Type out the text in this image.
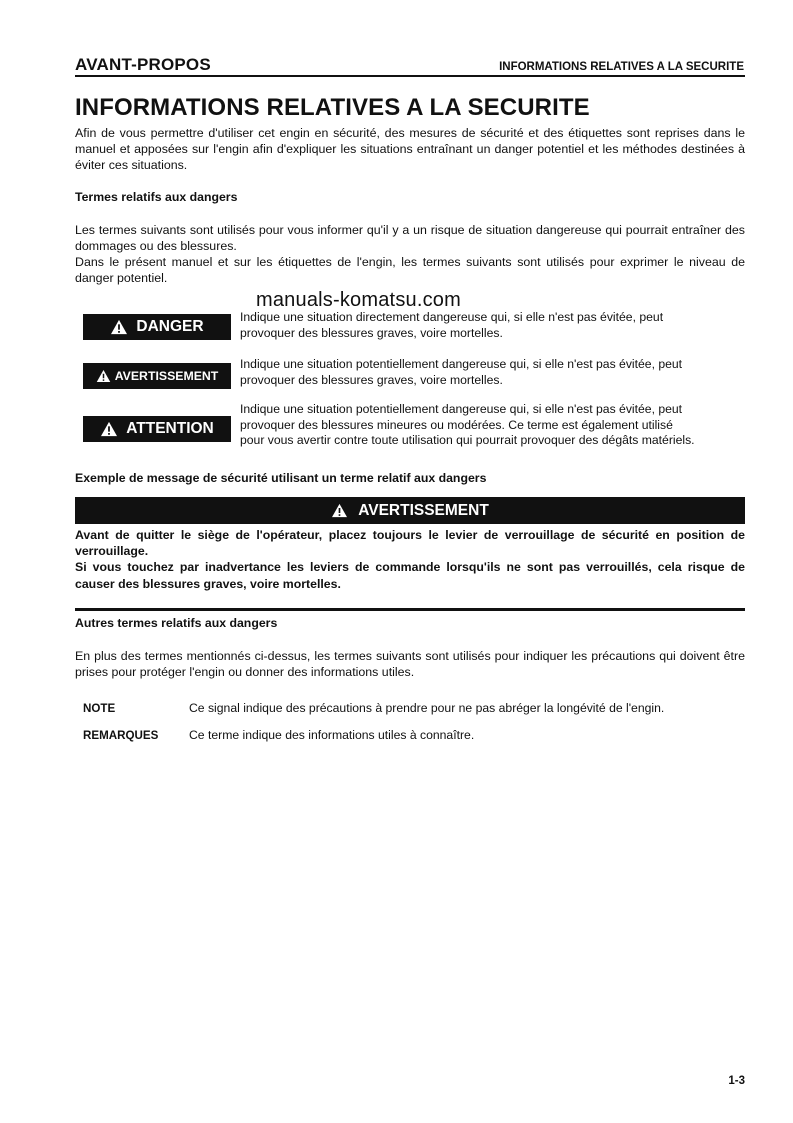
AVANT-PROPOS	INFORMATIONS RELATIVES A LA SECURITE
INFORMATIONS RELATIVES A LA SECURITE
Afin de vous permettre d'utiliser cet engin en sécurité, des mesures de sécurité et des étiquettes sont reprises dans le manuel et apposées sur l'engin afin d'expliquer les situations entraînant un danger potentiel et les méthodes destinées à éviter ces situations.
Termes relatifs aux dangers
Les termes suivants sont utilisés pour vous informer qu'il y a un risque de situation dangereuse qui pourrait entraîner des dommages ou des blessures.
Dans le présent manuel et sur les étiquettes de l'engin, les termes suivants sont utilisés pour exprimer le niveau de danger potentiel.
manuals-komatsu.com
DANGER
Indique une situation directement dangereuse qui, si elle n'est pas évitée, peut
provoquer des blessures graves, voire mortelles.
AVERTISSEMENT
Indique une situation potentiellement dangereuse qui, si elle n'est pas évitée, peut
provoquer des blessures graves, voire mortelles.
ATTENTION
Indique une situation potentiellement dangereuse qui, si elle n'est pas évitée, peut
provoquer des blessures mineures ou modérées. Ce terme est également utilisé
pour vous avertir contre toute utilisation qui pourrait provoquer des dégâts matériels.
Exemple de message de sécurité utilisant un terme relatif aux dangers
AVERTISSEMENT
Avant de quitter le siège de l'opérateur, placez toujours le levier de verrouillage de sécurité en position de verrouillage.
Si vous touchez par inadvertance les leviers de commande lorsqu'ils ne sont pas verrouillés, cela risque de causer des blessures graves, voire mortelles.
Autres termes relatifs aux dangers
En plus des termes mentionnés ci-dessus, les termes suivants sont utilisés pour indiquer les précautions qui doivent être prises pour protéger l'engin ou donner des informations utiles.
NOTE	Ce signal indique des précautions à prendre pour ne pas abréger la longévité de l'engin.
REMARQUES	Ce terme indique des informations utiles à connaître.
1-3
